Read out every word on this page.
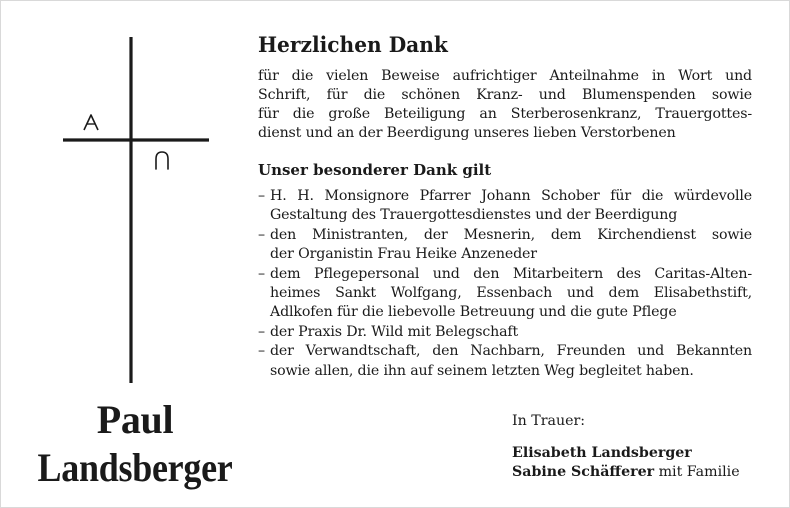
Paul
Landsberger
Herzlichen Dank

für die vielen Beweise aufrichtiger Anteilnahme in Wort und
Schrift, für die schönen Kranz- und Blumenspenden sowie
für die große Beteiligung an Sterberosenkranz, Trauergottes-
dienst und an der Beerdigung unseres lieben Verstorbenen

Unser besonderer Dank gilt
– H. H. Monsignore Pfarrer Johann Schober für die würdevolle
Gestaltung des Trauergottesdienstes und der Beerdigung
– den Ministranten, der Mesnerin, dem Kirchendienst sowie
der Organistin Frau Heike Anzeneder
– dem Pflegepersonal und den Mitarbeitern des Caritas-Alten-
heimes Sankt Wolfgang, Essenbach und dem Elisabethstift,
Adlkofen für die liebevolle Betreuung und die gute Pflege
– der Praxis Dr. Wild mit Belegschaft
– der Verwandtschaft, den Nachbarn, Freunden und Bekannten
sowie allen, die ihn auf seinem letzten Weg begleitet haben.
In Trauer:
Elisabeth Landsberger
Sabine Schäfferer mit Familie
